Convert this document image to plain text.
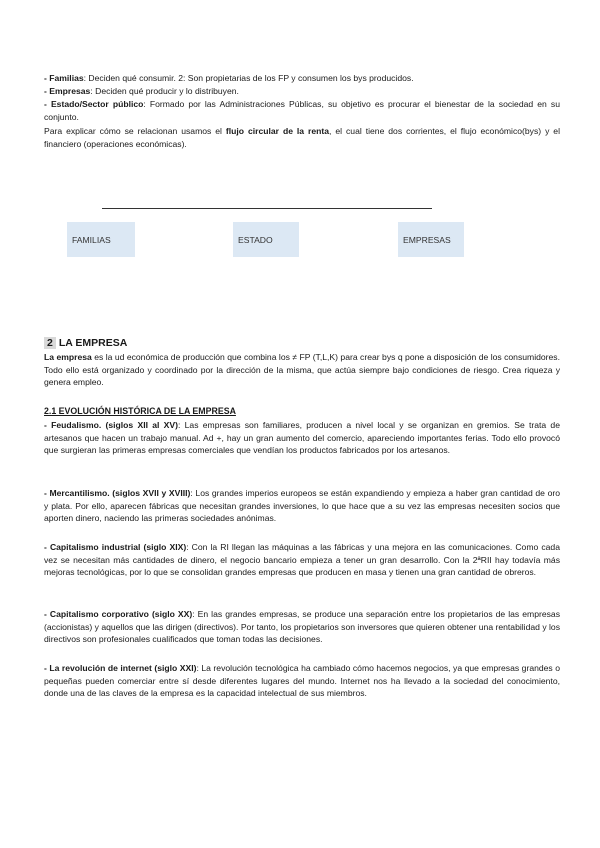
- Familias: Deciden qué consumir. 2: Son propietarias de los FP y consumen los bys producidos.

- Empresas: Deciden qué producir y lo distribuyen.

- Estado/Sector público: Formado por las Administraciones Públicas, su objetivo es procurar el bienestar de la sociedad en su conjunto.

Para explicar cómo se relacionan usamos el flujo circular de la renta, el cual tiene dos corrientes, el flujo económico(bys) y el financiero (operaciones económicas).

FAMILIAS	ESTADO	EMPRESAS
2 LA EMPRESA

La empresa es la ud económica de producción que combina los ≠ FP (T,L,K) para crear bys q pone a disposición de los consumidores. Todo ello está organizado y coordinado por la dirección de la misma, que actúa siempre bajo condiciones de riesgo. Crea riqueza y genera empleo.

2.1 EVOLUCIÓN HISTÓRICA DE LA EMPRESA

- Feudalismo. (siglos XII al XV): Las empresas son familiares, producen a nivel local y se organizan en gremios. Se trata de artesanos que hacen un trabajo manual. Ad +, hay un gran aumento del comercio, apareciendo importantes ferias. Todo ello provocó que surgieran las primeras empresas comerciales que vendían los productos fabricados por los artesanos.

- Mercantilismo. (siglos XVII y XVIII): Los grandes imperios europeos se están expandiendo y empieza a haber gran cantidad de oro y plata. Por ello, aparecen fábricas que necesitan grandes inversiones, lo que hace que a su vez las empresas necesiten socios que aporten dinero, naciendo las primeras sociedades anónimas.

- Capitalismo industrial (siglo XIX): Con la RI llegan las máquinas a las fábricas y una mejora en las comunicaciones. Como cada vez se necesitan más cantidades de dinero, el negocio bancario empieza a tener un gran desarrollo. Con la 2ªRII hay todavía más mejoras tecnológicas, por lo que se consolidan grandes empresas que producen en masa y tienen una gran cantidad de obreros.

- Capitalismo corporativo (siglo XX): En las grandes empresas, se produce una separación entre los propietarios de las empresas (accionistas) y aquellos que las dirigen (directivos). Por tanto, los propietarios son inversores que quieren obtener una rentabilidad y los directivos son profesionales cualificados que toman todas las decisiones.

- La revolución de internet (siglo XXI): La revolución tecnológica ha cambiado cómo hacemos negocios, ya que empresas grandes o pequeñas pueden comerciar entre sí desde diferentes lugares del mundo. Internet nos ha llevado a la sociedad del conocimiento, donde una de las claves de la empresa es la capacidad intelectual de sus miembros.
